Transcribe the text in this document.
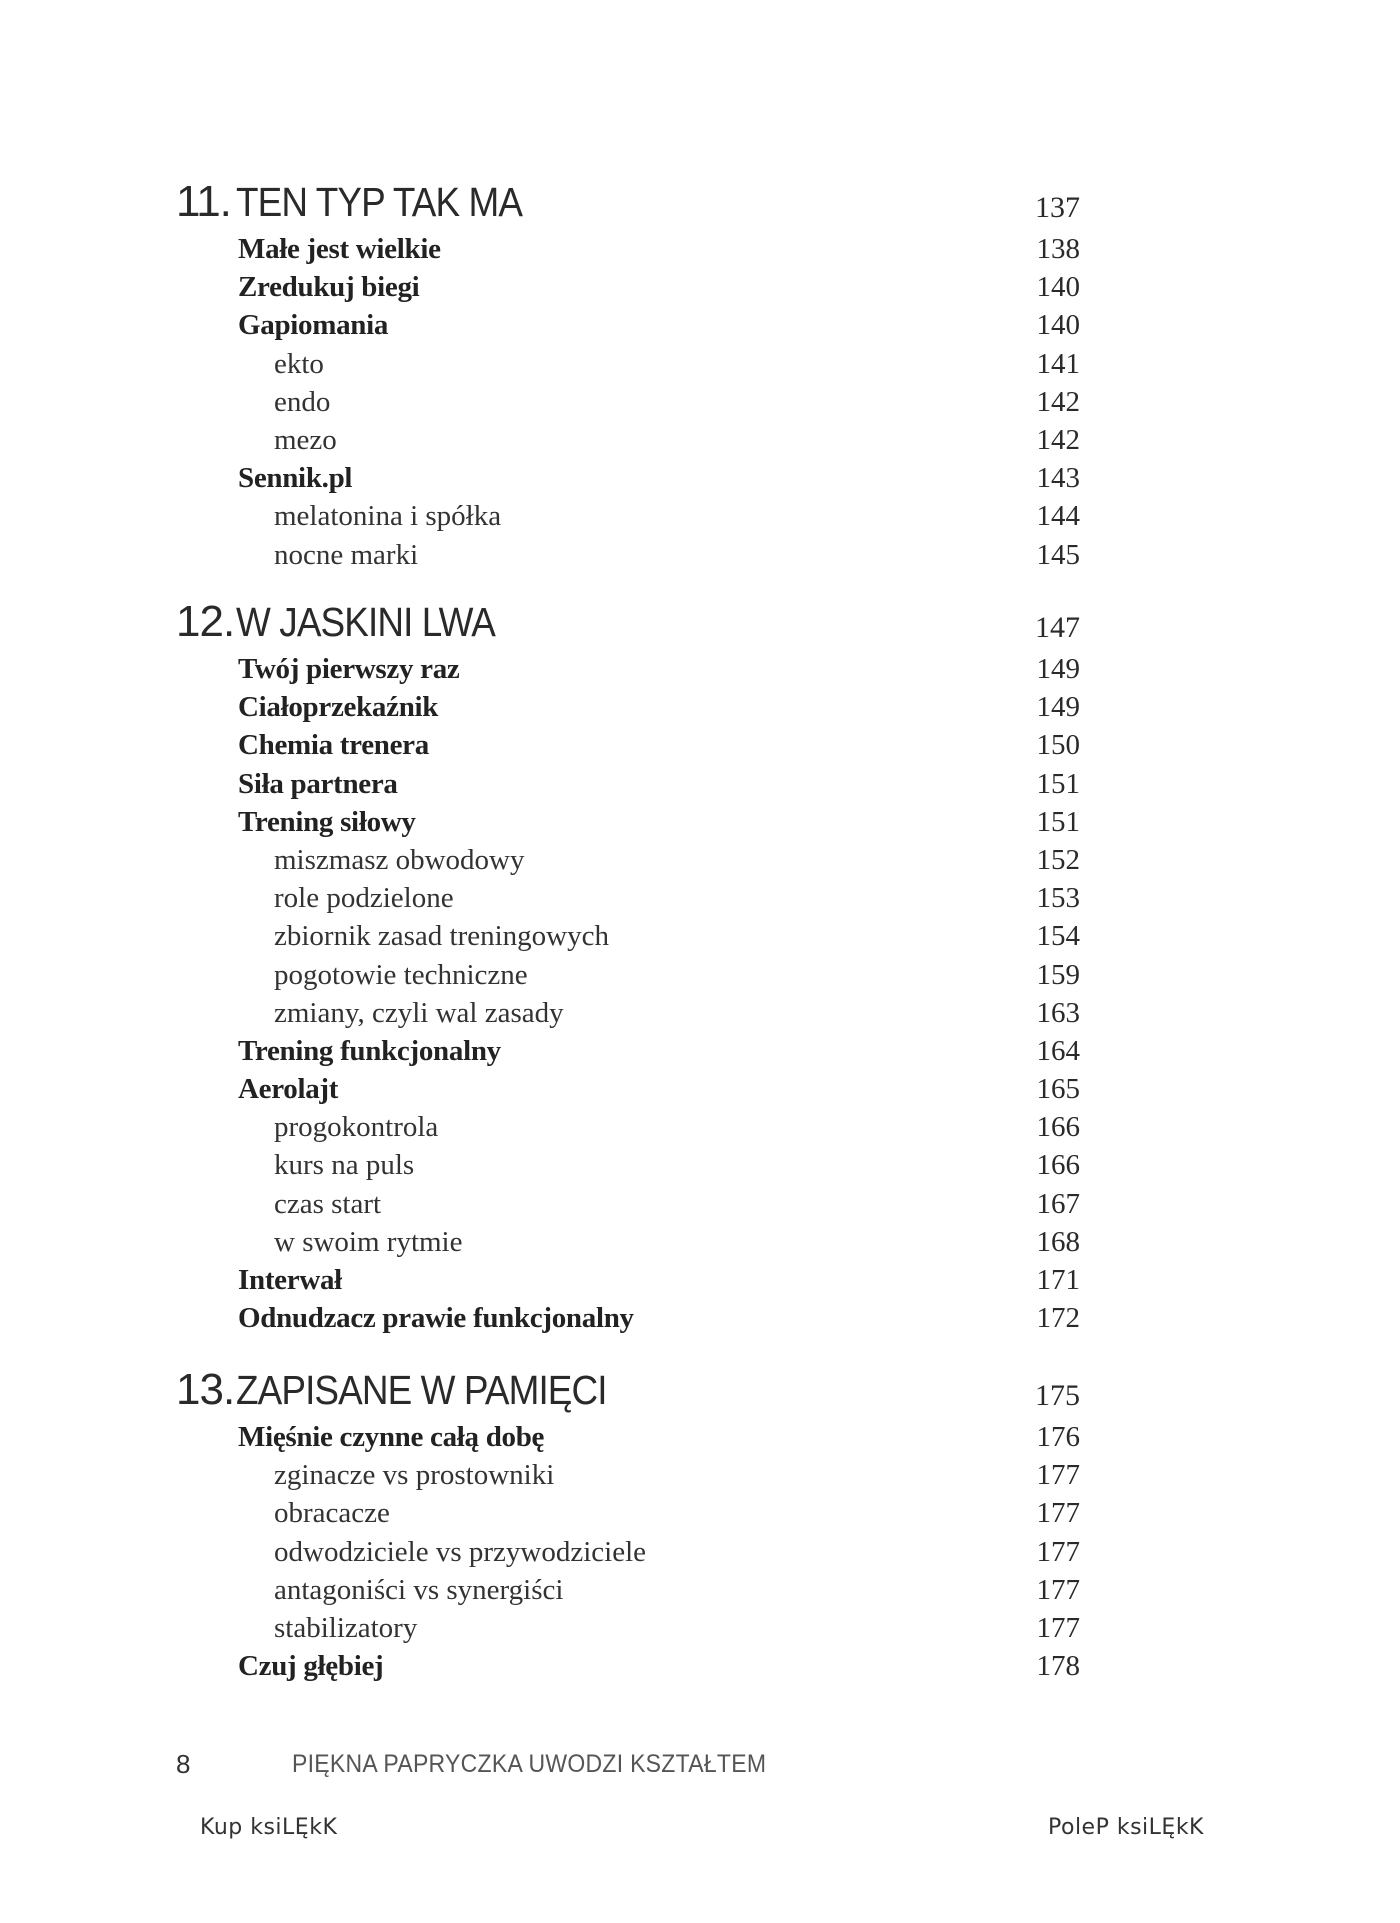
11. TEN TYP TAK MA	137
Małe jest wielkie	138
Zredukuj biegi	140
Gapiomania	140
ekto	141
endo	142
mezo	142
Sennik.pl	143
melatonina i spółka	144
nocne marki	145
12. W JASKINI LWA	147
Twój pierwszy raz	149
Ciałoprzekaźnik	149
Chemia trenera	150
Siła partnera	151
Trening siłowy	151
miszmasz obwodowy	152
role podzielone	153
zbiornik zasad treningowych	154
pogotowie techniczne	159
zmiany, czyli wal zasady	163
Trening funkcjonalny	164
Aerolajt	165
progokontrola	166
kurs na puls	166
czas start	167
w swoim rytmie	168
Interwał	171
Odnudzacz prawie funkcjonalny	172
13. ZAPISANE W PAMIĘCI	175
Mięśnie czynne całą dobę	176
zginacze vs prostowniki	177
obracacze	177
odwodziciele vs przywodziciele	177
antagoniści vs synergiści	177
stabilizatory	177
Czuj głębiej	178
8	PIĘKNA PAPRYCZKA UWODZI KSZTAŁTEM
Kup ksiLĘkK	PoleP ksiLĘkK
